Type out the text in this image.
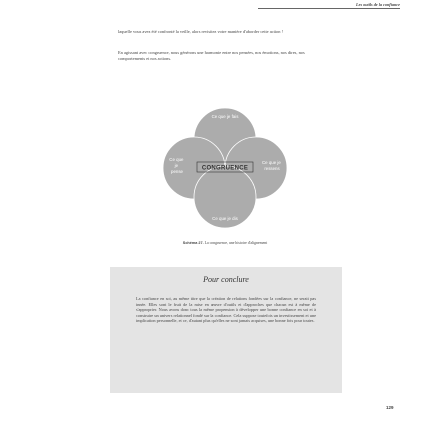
Les outils de la confiance

laquelle vous avez été confronté la veille, alors revisitez votre manière d'aborder cette action !

En agissant avec congruence, nous générons une harmonie entre nos pensées, nos émotions, nos dires, nos comportements et nos actions.

Ce que je fais
Ce que je pense
Ce que je ressens
Ce que je dis
CONGRUENCE

Schéma 27. La congruence, une histoire d'alignement

Pour conclure

La confiance en soi, au même titre que la création de relations fondées sur la confiance, ne serait pas innée. Elles sont le fruit de la mise en œuvre d'outils et d'approches que chacun est à même de s'approprier. Nous avons donc tous la même propension à développer une bonne confiance en soi et à construire un univers relationnel fondé sur la confiance. Cela suppose toutefois un investissement et une implication personnelle, et ce, d'autant plus qu'elles ne sont jamais acquises, une bonne fois pour toutes.

129
